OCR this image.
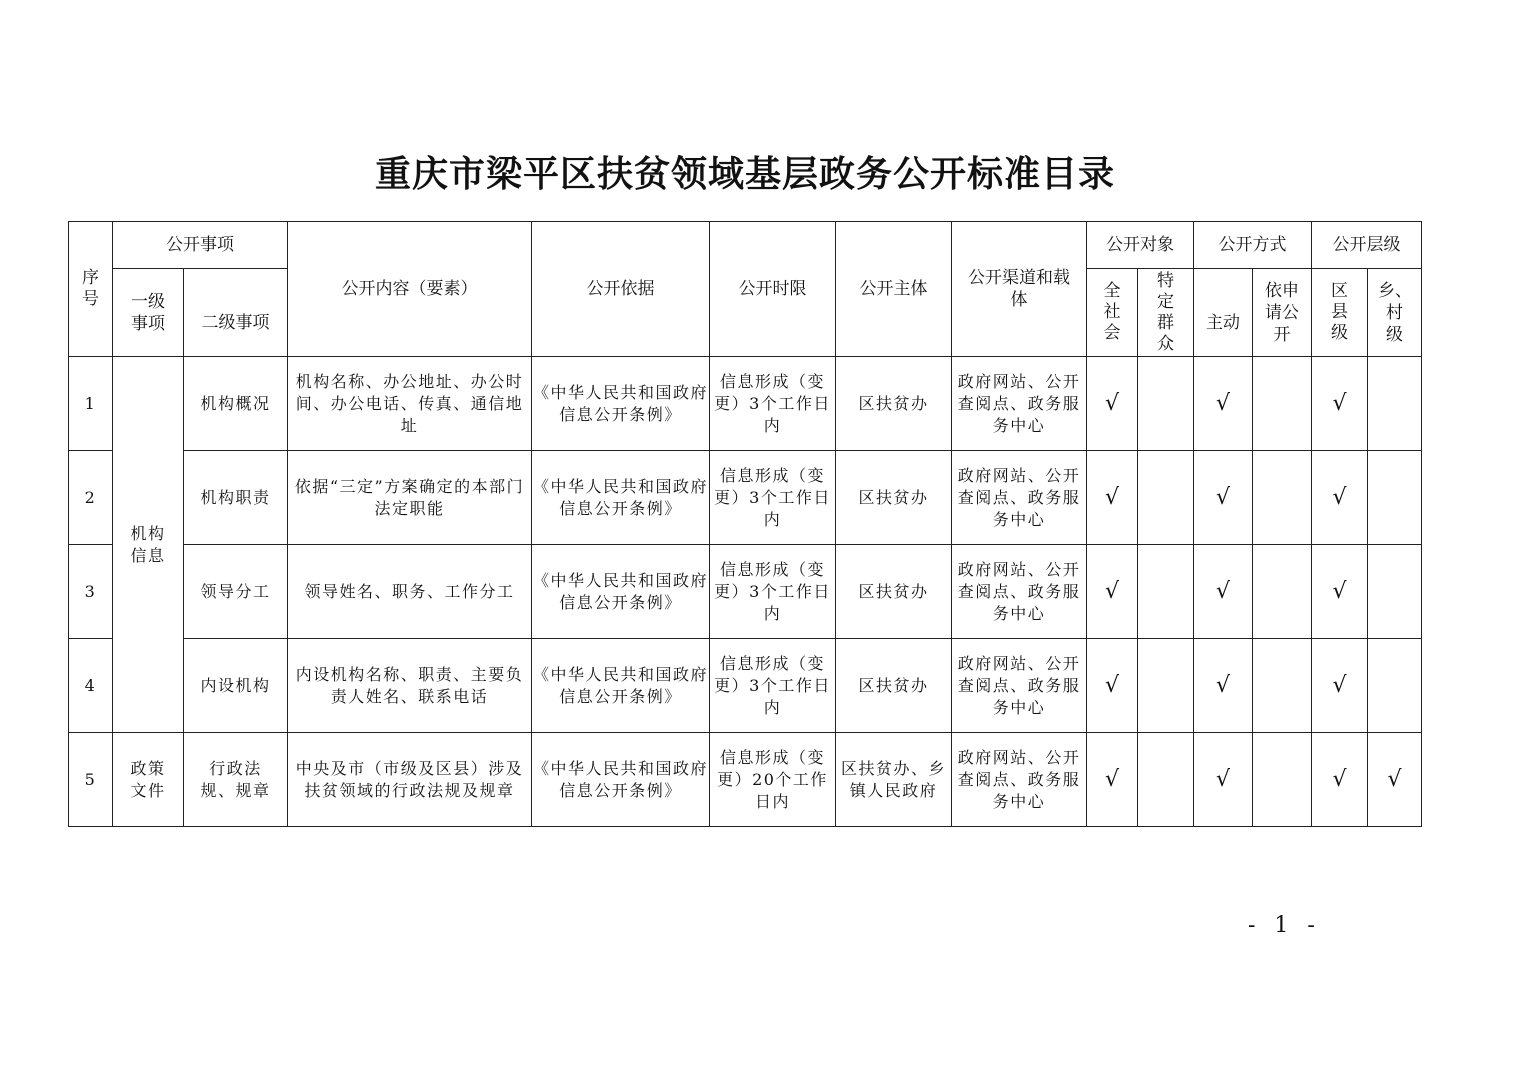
重庆市梁平区扶贫领域基层政务公开标准目录
序号	公开事项		公开内容（要素）	公开依据	公开时限	公开主体	公开渠道和载体	公开对象		公开方式		公开层级	
	一级事项	二级事项						全社会	特定群众	主动	依申请公开	区县级	乡、村级
1	机构信息	机构概况	机构名称、办公地址、办公时间、办公电话、传真、通信地址	《中华人民共和国政府信息公开条例》	信息形成（变更）3个工作日内	区扶贫办	政府网站、公开查阅点、政务服务中心	√		√		√	
2		机构职责	依据“三定”方案确定的本部门法定职能	《中华人民共和国政府信息公开条例》	信息形成（变更）3个工作日内	区扶贫办	政府网站、公开查阅点、政务服务中心	√		√		√	
3		领导分工	领导姓名、职务、工作分工	《中华人民共和国政府信息公开条例》	信息形成（变更）3个工作日内	区扶贫办	政府网站、公开查阅点、政务服务中心	√		√		√	
4		内设机构	内设机构名称、职责、主要负责人姓名、联系电话	《中华人民共和国政府信息公开条例》	信息形成（变更）3个工作日内	区扶贫办	政府网站、公开查阅点、政务服务中心	√		√		√	
5	政策文件	行政法规、规章	中央及市（市级及区县）涉及扶贫领域的行政法规及规章	《中华人民共和国政府信息公开条例》	信息形成（变更）20个工作日内	区扶贫办、乡镇人民政府	政府网站、公开查阅点、政务服务中心	√		√		√	√
- 1 -
